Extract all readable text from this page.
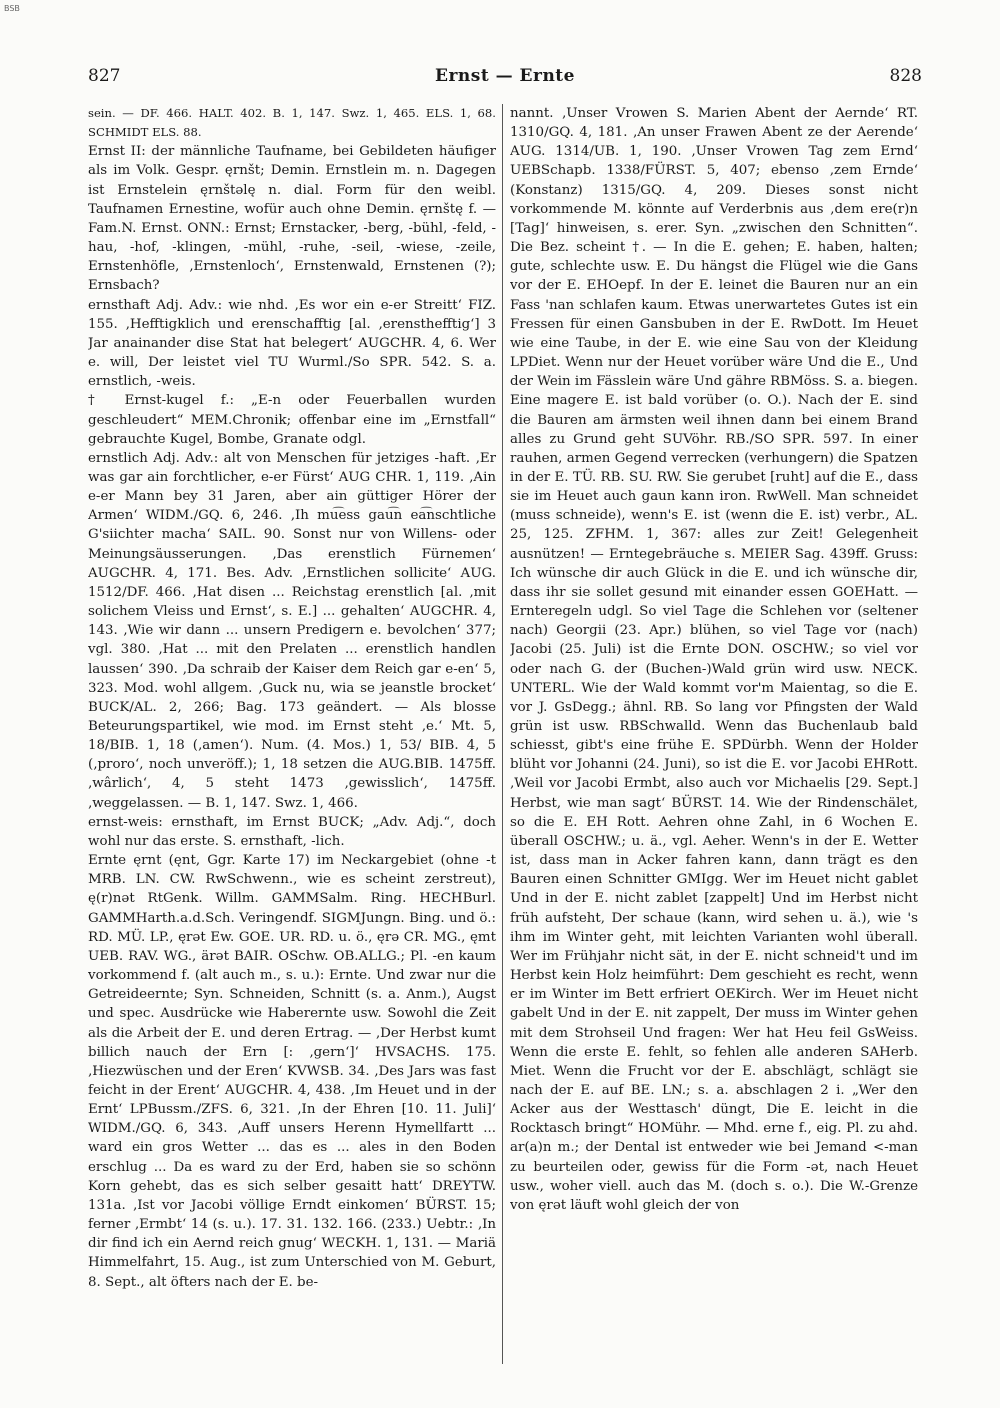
BSB
827	Ernst — Ernte	828

sein. — DF. 466. HALT. 402. B. 1, 147. Swz. 1, 465. ELS. 1, 68. SCHMIDT ELS. 88.

Ernst II: der männliche Taufname, bei Gebildeten häufiger als im Volk. Gespr. ęrnšt; Demin. Ernstlein m. n. Dagegen ist Ernstelein ęrnštəlę n. dial. Form für den weibl. Taufnamen Ernestine, wofür auch ohne Demin. ęrnštę f. — Fam.N. Ernst. ONN.: Ernst; Ernstacker, -berg, -bühl, -feld, -hau, -hof, -klingen, -mühl, -ruhe, -seil, -wiese, -zeile, Ernstenhöfle, ‚Ernstenloch‘, Ernstenwald, Ernstenen (?); Ernsbach?

ernsthaft Adj. Adv.: wie nhd. ‚Es wor ein e-er Streitt‘ FIZ. 155. ‚Hefftigklich und erenschafftig [al. ‚erensthefftig‘] 3 Jar anainander dise Stat hat belegert‘ AUGCHR. 4, 6. Wer e. will, Der leistet viel TU Wurml./So SPR. 542. S. a. ernstlich, -weis.

† Ernst-kugel f.: „E-n oder Feuerballen wurden geschleudert“ MEM.Chronik; offenbar eine im „Ernstfall“ gebrauchte Kugel, Bombe, Granate odgl.

ernstlich Adj. Adv.: alt von Menschen für jetziges -haft. ‚Er was gar ain forchtlicher, e-er Fürst‘ AUG CHR. 1, 119. ‚Ain e-er Mann bey 31 Jaren, aber ain güttiger Hörer der Armen‘ WIDM./GQ. 6, 246. ‚Ih mu͡ess gau͡n ea͡nschtliche G'siichter macha‘ SAIL. 90. Sonst nur von Willens- oder Meinungsäusserungen. ‚Das erenstlich Fürnemen‘ AUGCHR. 4, 171. Bes. Adv. ‚Ernstlichen sollicite‘ AUG. 1512/DF. 466. ‚Hat disen ... Reichstag erenstlich [al. ‚mit solichem Vleiss und Ernst‘, s. E.] ... gehalten‘ AUGCHR. 4, 143. ‚Wie wir dann ... unsern Predigern e. bevolchen‘ 377; vgl. 380. ‚Hat ... mit den Prelaten ... erenstlich handlen laussen‘ 390. ‚Da schraib der Kaiser dem Reich gar e-en‘ 5, 323. Mod. wohl allgem. ‚Guck nu, wia se jeanstle brocket‘ BUCK/AL. 2, 266; Bag. 173 geändert. — Als blosse Beteurungspartikel, wie mod. im Ernst steht ‚e.‘ Mt. 5, 18/BIB. 1, 18 (‚amen‘). Num. (4. Mos.) 1, 53/ BIB. 4, 5 (‚proro‘, noch unveröff.); 1, 18 setzen die AUG.BIB. 1475ff. ‚wârlich‘, 4, 5 steht 1473 ‚gewisslich‘, 1475ff. ‚weggelassen. — B. 1, 147. Swz. 1, 466.

ernst-weis: ernsthaft, im Ernst BUCK; „Adv. Adj.“, doch wohl nur das erste. S. ernsthaft, -lich.

Ernte ęrnt (ęnt, Ggr. Karte 17) im Neckargebiet (ohne -t MRB. LN. CW. RwSchwenn., wie es scheint zerstreut), ę(r)nət RtGenk. Willm. GAMMSalm. Ring. HECHBurl. GAMMHarth.a.d.Sch. Veringendf. SIGMJungn. Bing. und ö.: RD. MÜ. LP., ęrət Ew. GOE. UR. RD. u. ö., ęrə CR. MG., ęmt UEB. RAV. WG., ärət BAIR. OSchw. OB.ALLG.; Pl. -en kaum vorkommend f. (alt auch m., s. u.): Ernte. Und zwar nur die Getreideernte; Syn. Schneiden, Schnitt (s. a. Anm.), Augst und spec. Ausdrücke wie Haberernte usw. Sowohl die Zeit als die Arbeit der E. und deren Ertrag. — ‚Der Herbst kumt billich nauch der Ern [: ‚gern‘]‘ HVSACHS. 175. ‚Hiezwüschen und der Eren‘ KVWSB. 34. ‚Des Jars was fast feicht in der Erent‘ AUGCHR. 4, 438. ‚Im Heuet und in der Ernt‘ LPBussm./ZFS. 6, 321. ‚In der Ehren [10. 11. Juli]‘ WIDM./GQ. 6, 343. ‚Auff unsers Herenn Hymellfartt ... ward ein gros Wetter ... das es ... ales in den Boden erschlug ... Da es ward zu der Erd, haben sie so schönn Korn gehebt, das es sich selber gesaitt hatt‘ DREYTW. 131a. ‚Ist vor Jacobi völlige Erndt einkomen‘ BÜRST. 15; ferner ‚Ermbt‘ 14 (s. u.). 17. 31. 132. 166. (233.) Uebtr.: ‚In dir find ich ein Aernd reich gnug‘ WECKH. 1, 131. — Mariä Himmelfahrt, 15. Aug., ist zum Unterschied von M. Geburt, 8. Sept., alt öfters nach der E. be-

nannt. ‚Unser Vrowen S. Marien Abent der Aernde‘ RT. 1310/GQ. 4, 181. ‚An unser Frawen Abent ze der Aerende‘ AUG. 1314/UB. 1, 190. ‚Unser Vrowen Tag zem Ernd‘ UEBSchapb. 1338/FÜRST. 5, 407; ebenso ‚zem Ernde‘ (Konstanz) 1315/GQ. 4, 209. Dieses sonst nicht vorkommende M. könnte auf Verderbnis aus ‚dem ere(r)n [Tag]‘ hinweisen, s. erer. Syn. „zwischen den Schnitten“. Die Bez. scheint †. — In die E. gehen; E. haben, halten; gute, schlechte usw. E. Du hängst die Flügel wie die Gans vor der E. EHOepf. In der E. leinet die Bauren nur an ein Fass 'nan schlafen kaum. Etwas unerwartetes Gutes ist ein Fressen für einen Gansbuben in der E. RwDott. Im Heuet wie eine Taube, in der E. wie eine Sau von der Kleidung LPDiet. Wenn nur der Heuet vorüber wäre Und die E., Und der Wein im Fässlein wäre Und gähre RBMöss. S. a. biegen. Eine magere E. ist bald vorüber (o. O.). Nach der E. sind die Bauren am ärmsten weil ihnen dann bei einem Brand alles zu Grund geht SUVöhr. RB./SO SPR. 597. In einer rauhen, armen Gegend verrecken (verhungern) die Spatzen in der E. TÜ. RB. SU. RW. Sie gerubet [ruht] auf die E., dass sie im Heuet auch gaun kann iron. RwWell. Man schneidet (muss schneide), wenn's E. ist (wenn die E. ist) verbr., AL. 25, 125. ZFHM. 1, 367: alles zur Zeit! Gelegenheit ausnützen! — Erntegebräuche s. MEIER Sag. 439ff. Gruss: Ich wünsche dir auch Glück in die E. und ich wünsche dir, dass ihr sie sollet gesund mit einander essen GOEHatt. — Ernteregeln udgl. So viel Tage die Schlehen vor (seltener nach) Georgii (23. Apr.) blühen, so viel Tage vor (nach) Jacobi (25. Juli) ist die Ernte DON. OSCHW.; so viel vor oder nach G. der (Buchen-)Wald grün wird usw. NECK. UNTERL. Wie der Wald kommt vor'm Maientag, so die E. vor J. GsDegg.; ähnl. RB. So lang vor Pfingsten der Wald grün ist usw. RBSchwalld. Wenn das Buchenlaub bald schiesst, gibt's eine frühe E. SPDürbh. Wenn der Holder blüht vor Johanni (24. Juni), so ist die E. vor Jacobi EHRott. ‚Weil vor Jacobi Ermbt, also auch vor Michaelis [29. Sept.] Herbst, wie man sagt‘ BÜRST. 14. Wie der Rindenschälet, so die E. EH Rott. Aehren ohne Zahl, in 6 Wochen E. überall OSCHW.; u. ä., vgl. Aeher. Wenn's in der E. Wetter ist, dass man in Acker fahren kann, dann trägt es den Bauren einen Schnitter GMIgg. Wer im Heuet nicht gablet Und in der E. nicht zablet [zappelt] Und im Herbst nicht früh aufsteht, Der schaue (kann, wird sehen u. ä.), wie 's ihm im Winter geht, mit leichten Varianten wohl überall. Wer im Frühjahr nicht sät, in der E. nicht schneid't und im Herbst kein Holz heimführt: Dem geschieht es recht, wenn er im Winter im Bett erfriert OEKirch. Wer im Heuet nicht gabelt Und in der E. nit zappelt, Der muss im Winter gehen mit dem Strohseil Und fragen: Wer hat Heu feil GsWeiss. Wenn die erste E. fehlt, so fehlen alle anderen SAHerb. Miet. Wenn die Frucht vor der E. abschlägt, schlägt sie nach der E. auf BE. LN.; s. a. abschlagen 2 i. „Wer den Acker aus der Westtasch' düngt, Die E. leicht in die Rocktasch bringt“ HOMühr. — Mhd. erne f., eig. Pl. zu ahd. ar(a)n m.; der Dental ist entweder wie bei Jemand <-man zu beurteilen oder, gewiss für die Form -ət, nach Heuet usw., woher viell. auch das M. (doch s. o.). Die W.-Grenze von ęrət läuft wohl gleich der von
